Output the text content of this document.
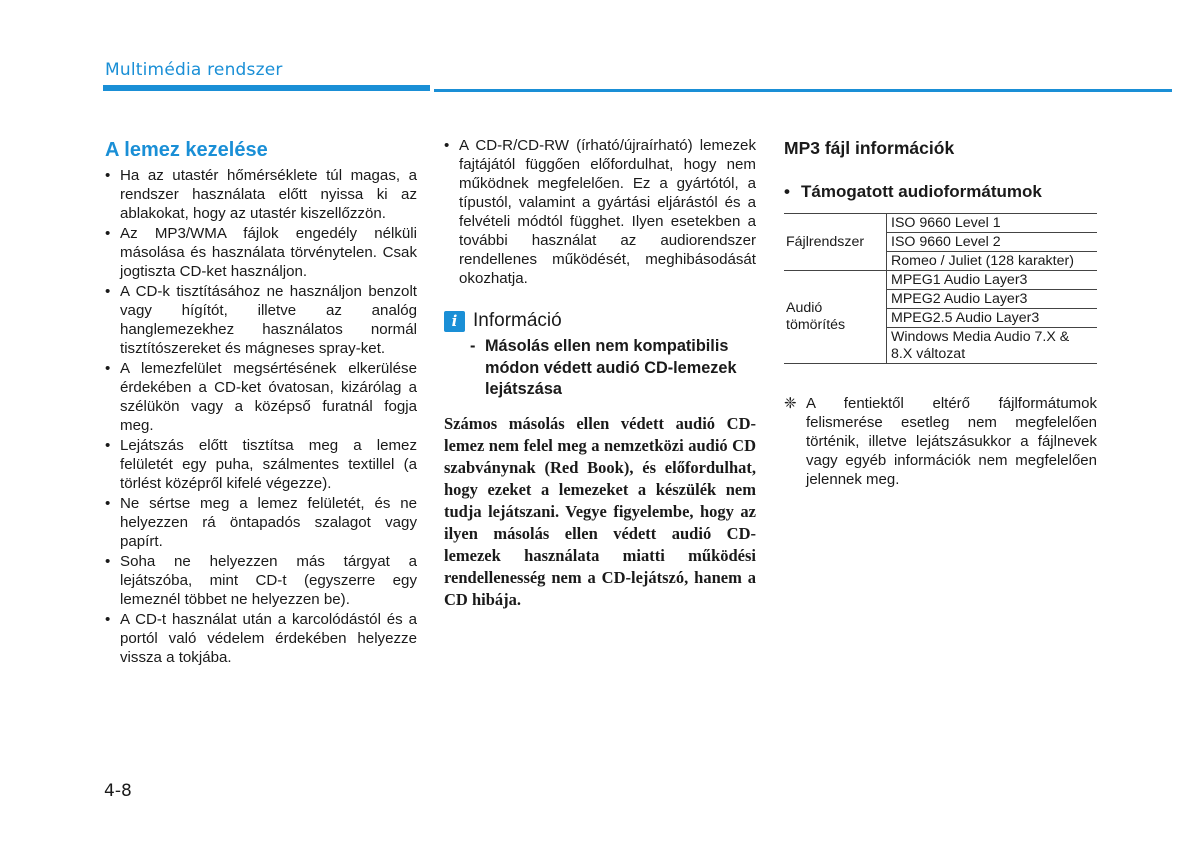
Multimédia rendszer
A lemez kezelése
• Ha az utastér hőmérséklete túl magas, a rendszer használata előtt nyissa ki az ablakokat, hogy az utastér kiszellőzzön.
• Az MP3/WMA fájlok engedély nélküli másolása és használata törvénytelen. Csak jogtiszta CD-ket használjon.
• A CD-k tisztításához ne használjon benzolt vagy hígítót, illetve az analóg hanglemezekhez használatos normál tisztítószereket és mágneses spray-ket.
• A lemezfelület megsértésének elkerülése érdekében a CD-ket óvatosan, kizárólag a szélükön vagy a középső furatnál fogja meg.
• Lejátszás előtt tisztítsa meg a lemez felületét egy puha, szálmentes textillel (a törlést középről kifelé végezze).
• Ne sértse meg a lemez felületét, és ne helyezzen rá öntapadós szalagot vagy papírt.
• Soha ne helyezzen más tárgyat a lejátszóba, mint CD-t (egyszerre egy lemeznél többet ne helyezzen be).
• A CD-t használat után a karcolódástól és a portól való védelem érdekében helyezze vissza a tokjába.
• A CD-R/CD-RW (írható/újraírható) lemezek fajtájától függően előfordulhat, hogy nem működnek megfelelően. Ez a gyártótól, a típustól, valamint a gyártási eljárástól és a felvételi módtól függhet. Ilyen esetekben a további használat az audiorendszer rendellenes működését, meghibásodását okozhatja.
i Információ
- Másolás ellen nem kompatibilis módon védett audió CD-lemezek lejátszása
Számos másolás ellen védett audió CD-lemez nem felel meg a nemzetközi audió CD szabványnak (Red Book), és előfordulhat, hogy ezeket a lemezeket a készülék nem tudja lejátszani. Vegye figyelembe, hogy az ilyen másolás ellen védett audió CD-lemezek használata miatti működési rendellenesség nem a CD-lejátszó, hanem a CD hibája.
MP3 fájl információk
• Támogatott audioformátumok
Fájlrendszer	ISO 9660 Level 1
	ISO 9660 Level 2
	Romeo / Juliet (128 karakter)
Audió tömörítés	MPEG1 Audio Layer3
	MPEG2 Audio Layer3
	MPEG2.5 Audio Layer3
	Windows Media Audio 7.X & 8.X változat
❈ A fentiektől eltérő fájlformátumok felismerése esetleg nem megfelelően történik, illetve lejátszásukkor a fájlnevek vagy egyéb információk nem megfelelően jelennek meg.
4-8
